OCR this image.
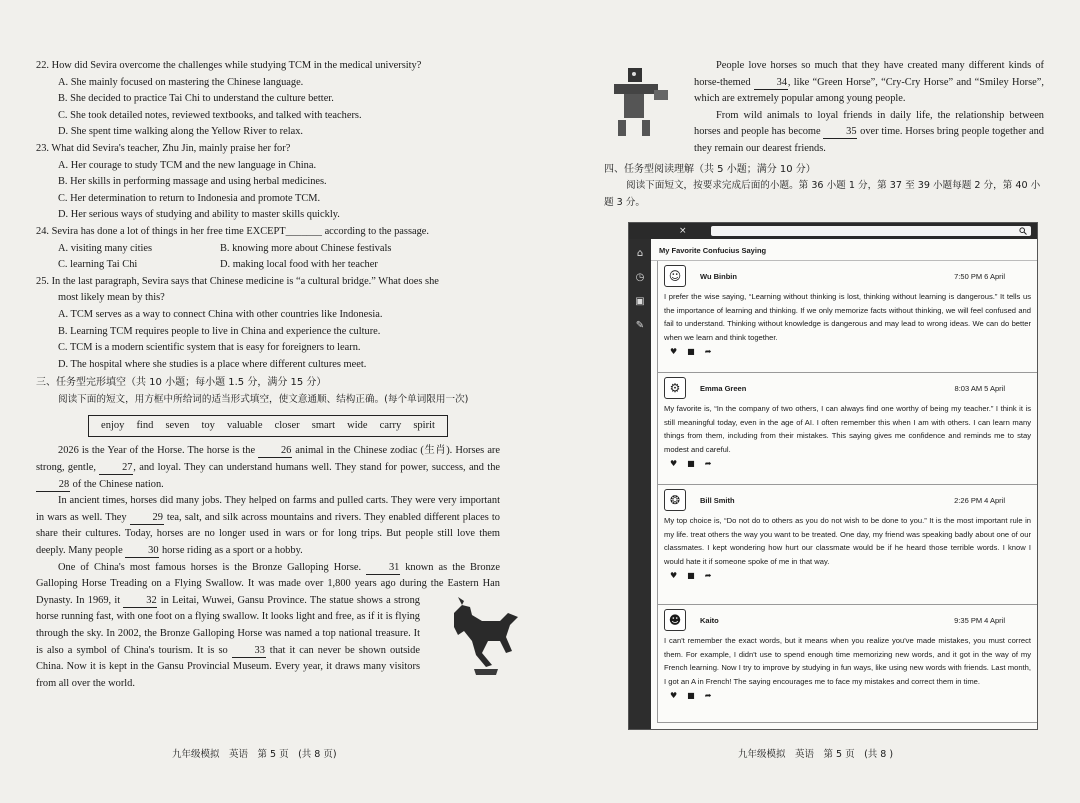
22. How did Sevira overcome the challenges while studying TCM in the medical university?
A. She mainly focused on mastering the Chinese language.
B. She decided to practice Tai Chi to understand the culture better.
C. She took detailed notes, reviewed textbooks, and talked with teachers.
D. She spent time walking along the Yellow River to relax.
23. What did Sevira's teacher, Zhu Jin, mainly praise her for?
A. Her courage to study TCM and the new language in China.
B. Her skills in performing massage and using herbal medicines.
C. Her determination to return to Indonesia and promote TCM.
D. Her serious ways of studying and ability to master skills quickly.
24. Sevira has done a lot of things in her free time EXCEPT_______ according to the passage.
A. visiting many cities	B. knowing more about Chinese festivals
C. learning Tai Chi	D. making local food with her teacher
25. In the last paragraph, Sevira says that Chinese medicine is “a cultural bridge.” What does she
most likely mean by this?
A. TCM serves as a way to connect China with other countries like Indonesia.
B. Learning TCM requires people to live in China and experience the culture.
C. TCM is a modern scientific system that is easy for foreigners to learn.
D. The hospital where she studies is a place where different cultures meet.
三、任务型完形填空（共 10 小题；每小题 1.5 分，满分 15 分）
阅读下面的短文，用方框中所给词的适当形式填空，使文意通顺、结构正确。(每个单词限用一次)
enjoy find seven toy valuable closer smart wide carry spirit

2026 is the Year of the Horse. The horse is the 26 animal in the Chinese zodiac (生肖). Horses are strong, gentle, 27, and loyal. They can understand humans well. They stand for power, success, and the 28 of the Chinese nation.

In ancient times, horses did many jobs. They helped on farms and pulled carts. They were very important in wars as well. They 29 tea, salt, and silk across mountains and rivers. They enabled different places to share their cultures. Today, horses are no longer used in wars or for long trips. But people still love them deeply. Many people 30 horse riding as a sport or a hobby.

One of China's most famous horses is the Bronze Galloping Horse. 31 known as the Bronze Galloping Horse Treading on a Flying Swallow. It was made over 1,800 years ago during the Eastern Han Dynasty. In 1969, it 32
in Leitai, Wuwei, Gansu Province. The statue shows a strong horse running fast, with one foot on a flying swallow. It looks light and free, as if it is flying through the sky. In 2002, the Bronze Galloping Horse was named a top national treasure. It is also a symbol of China's tourism. It is so 33 that it can never be shown outside China. Now it is kept in the Gansu Provincial Museum. Every year, it draws many visitors from all over the world.

九年级模拟　英语　第 5 页　(共 8 页)

People love horses so much that they have created many different kinds of horse-themed 34, like “Green Horse”, “Cry-Cry Horse” and “Smiley Horse”, which are extremely popular among young people.

From wild animals to loyal friends in daily life, the relationship between horses and people has become 35 over time. Horses bring people together and they remain our dearest friends.

四、任务型阅读理解（共 5 小题；满分 10 分）
阅读下面短文，按要求完成后面的小题。第 36 小题 1 分，第 37 至 39 小题每题 2 分，第 40 小题 3 分。
×
⌂
◷
▣
✎
My Favorite Confucius Saying
☺	Wu Binbin	7:50 PM 6 April
I prefer the wise saying, “Learning without thinking is lost, thinking without learning is dangerous.” It tells us the importance of learning and thinking. If we only memorize facts without thinking, we will feel confused and fail to understand. Thinking without knowledge is dangerous and may lead to wrong ideas. We can do better when we learn and think together.
♥ ■ ➦
⚙	Emma Green	8:03 AM 5 April
My favorite is, “In the company of two others, I can always find one worthy of being my teacher.” I think it is still meaningful today, even in the age of AI. I often remember this when I am with others. I can learn many things from them, including from their mistakes. This saying gives me confidence and reminds me to stay modest and careful.
♥ ■ ➦
❂	Bill Smith	2:26 PM 4 April
My top choice is, “Do not do to others as you do not wish to be done to you.” It is the most important rule in my life. treat others the way you want to be treated. One day, my friend was speaking badly about one of our classmates. I kept wondering how hurt our classmate would be if he heard those terrible words. I know I would hate it if someone spoke of me in that way.
♥ ■ ➦
☻	Kaito	9:35 PM 4 April
I can't remember the exact words, but it means when you realize you've made mistakes, you must correct them. For example, I didn't use to spend enough time memorizing new words, and it got in the way of my French learning. Now I try to improve by studying in fun ways, like using new words with friends. Last month, I got an A in French! The saying encourages me to face my mistakes and correct them in time.
♥ ■ ➦
九年级模拟　英语　第 5 页　(共 8 )
